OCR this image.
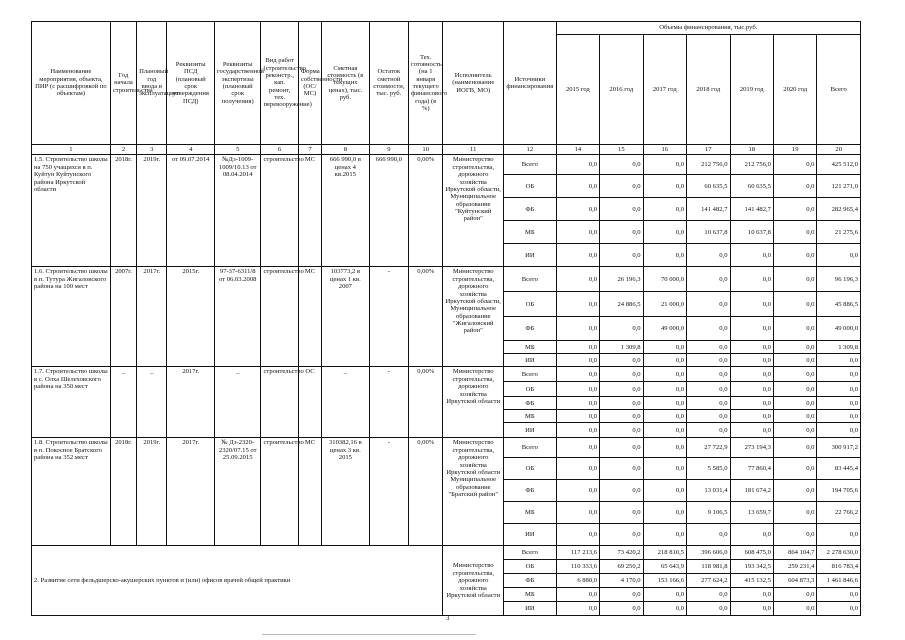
Наименование мероприятия, объекта, ПИР (с расшифровкой по объектам)	Год начала строительства	Плановый год ввода в эксплуатацию	Реквизиты ПСД (плановый срок утверждения ПСД)	Реквизиты государственной экспертизы (плановый срок получения)	Вид работ (строительство, реконстр., кап. ремонт, тех. перевооружение)	Форма собственности (ОС/МС)	Сметная стоимость (в текущих ценах), тыс. руб.	Остаток сметной стоимости, тыс. руб.	Тех. готовность (на 1 января текущего финансового года) (в %)	Исполнитель (наименование ИОГВ, МО)	Источники финансирования	Объемы финансирования, тыс.руб.						
												2015 год	2016 год	2017 год	2018 год	2019 год	2020 год	Всего
1	2	3	4	5	6	7	8	9	10	11	12	14	15	16	17	18	19	20
1.5. Строительство школы на 750 учащихся в п. Куйтун Куйтунского района Иркутской области	2018г.	2019г.	от 09.07.2014	№Дз-1009-1009/10.13 от 08.04.2014	строительство	МС	666 990,0 в ценах 4 кв.2015	666 990,0	0,00%	Министерство строительства, дорожного хозяйства Иркутской области, Муниципальное образование "Куйтунский район"	Всего	0,0	0,0	0,0	212 756,0	212 756,0	0,0	425 512,0
											ОБ	0,0	0,0	0,0	60 635,5	60 635,5	0,0	121 271,0
											ФБ	0,0	0,0	0,0	141 482,7	141 482,7	0,0	282 965,4
											МБ	0,0	0,0	0,0	10 637,8	10 637,8	0,0	21 275,6
											ИИ	0,0	0,0	0,0	0,0	0,0	0,0	0,0
1.6. Строительство школы в п. Тутура Жигаловского района на 100 мест	2007г.	2017г.	2015г.	97-37-6311/8 от 06.03.2008	строительство	МС	103773,2 в ценах 1 кв. 2007	-	0,00%	Министерство строительства, дорожного хозяйства Иркутской области, Муниципальное образование "Жигаловский район"	Всего	0,0	26 196,3	70 000,0	0,0	0,0	0,0	96 196,3
											ОБ	0,0	24 886,5	21 000,0	0,0	0,0	0,0	45 886,5
											ФБ	0,0	0,0	49 000,0	0,0	0,0	0,0	49 000,0
											МБ	0,0	1 309,8	0,0	0,0	0,0	0,0	1 309,8
											ИИ	0,0	0,0	0,0	0,0	0,0	0,0	0,0
1.7. Строительство школы в с. Олха Шелеховского района на 350 мест	_	_	2017г.	_	строительство	ОС	_	-	0,00%	Министерство строительства, дорожного хозяйства Иркутской области	Всего	0,0	0,0	0,0	0,0	0,0	0,0	0,0
											ОБ	0,0	0,0	0,0	0,0	0,0	0,0	0,0
											ФБ	0,0	0,0	0,0	0,0	0,0	0,0	0,0
											МБ	0,0	0,0	0,0	0,0	0,0	0,0	0,0
											ИИ	0,0	0,0	0,0	0,0	0,0	0,0	0,0
1.8. Строительство школы в п. Покосное Братского района на 352 мест	2018г.	2019г.	2017г.	№ Дз-2320-2320/07.15 от 25.09.2015	строительство	МС	310382,16 в ценах 3 кв. 2015	-	0,00%	Министерство строительства, дорожного хозяйства Иркутской области Муниципальное образование "Братский район"	Всего	0,0	0,0	0,0	27 722,9	273 194,3	0,0	300 917,2
											ОБ	0,0	0,0	0,0	5 585,0	77 860,4	0,0	83 445,4
											ФБ	0,0	0,0	0,0	13 031,4	181 674,2	0,0	194 705,6
											МБ	0,0	0,0	0,0	9 106,5	13 659,7	0,0	22 766,2
											ИИ	0,0	0,0	0,0	0,0	0,0	0,0	0,0
2. Развитие сети фельдшерско-акушерских пунктов и (или) офисов врачей общей практики										Министерство строительства, дорожного хозяйства Иркутской области	Всего	117 213,6	73 420,2	218 810,5	396 606,0	608 475,0	864 104,7	2 278 630,0
											ОБ	110 333,6	69 250,2	65 643,9	118 981,8	193 342,5	259 231,4	816 783,4
											ФБ	6 880,0	4 170,0	153 166,6	277 624,2	415 132,5	604 873,3	1 461 846,6
											МБ	0,0	0,0	0,0	0,0	0,0	0,0	0,0
											ИИ	0,0	0,0	0,0	0,0	0,0	0,0	0,0
3
